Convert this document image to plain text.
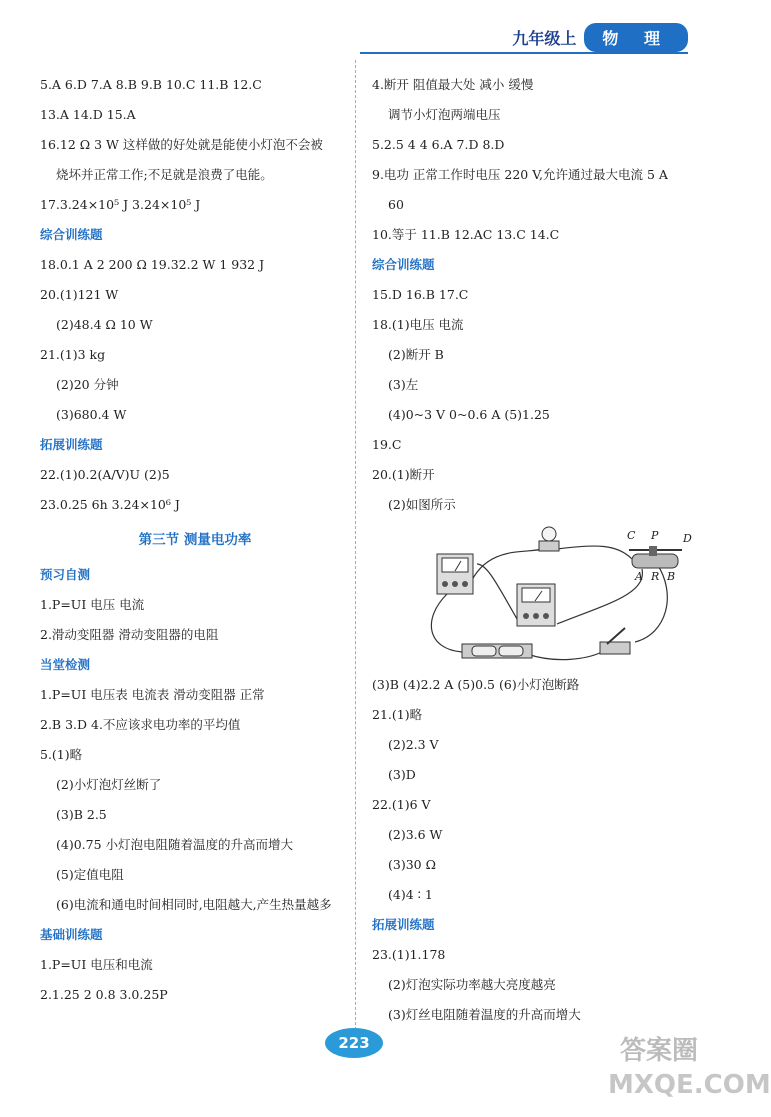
九年级上	物 理
5.A 6.D 7.A 8.B 9.B 10.C 11.B 12.C
13.A 14.D 15.A
16.12 Ω 3 W 这样做的好处就是能使小灯泡不会被
烧坏并正常工作;不足就是浪费了电能。
17.3.24×10⁵ J 3.24×10⁵ J
综合训练题
18.0.1 A 2 200 Ω 19.32.2 W 1 932 J
20.(1)121 W
(2)48.4 Ω 10 W
21.(1)3 kg
(2)20 分钟
(3)680.4 W
拓展训练题
22.(1)0.2(A/V)U (2)5
23.0.25 6h 3.24×10⁶ J
第三节 测量电功率
预习自测
1.P=UI 电压 电流
2.滑动变阻器 滑动变阻器的电阻
当堂检测
1.P=UI 电压表 电流表 滑动变阻器 正常
2.B 3.D 4.不应该求电功率的平均值
5.(1)略
(2)小灯泡灯丝断了
(3)B 2.5
(4)0.75 小灯泡电阻随着温度的升高而增大
(5)定值电阻
(6)电流和通电时间相同时,电阻越大,产生热量越多
基础训练题
1.P=UI 电压和电流
2.1.25 2 0.8 3.0.25P
4.断开 阻值最大处 减小 缓慢
调节小灯泡两端电压
5.2.5 4 4 6.A 7.D 8.D
9.电功 正常工作时电压 220 V,允许通过最大电流 5 A
60
10.等于 11.B 12.AC 13.C 14.C
综合训练题
15.D 16.B 17.C
18.(1)电压 电流
(2)断开 B
(3)左
(4)0~3 V 0~0.6 A (5)1.25
19.C
20.(1)断开
(2)如图所示
C P D
A R B
(3)B (4)2.2 A (5)0.5 (6)小灯泡断路
21.(1)略
(2)2.3 V
(3)D
22.(1)6 V
(2)3.6 W
(3)30 Ω
(4)4 ∶ 1
拓展训练题
23.(1)1.178
(2)灯泡实际功率越大亮度越亮
(3)灯丝电阻随着温度的升高而增大
223	答案圈
MXQE.COM
